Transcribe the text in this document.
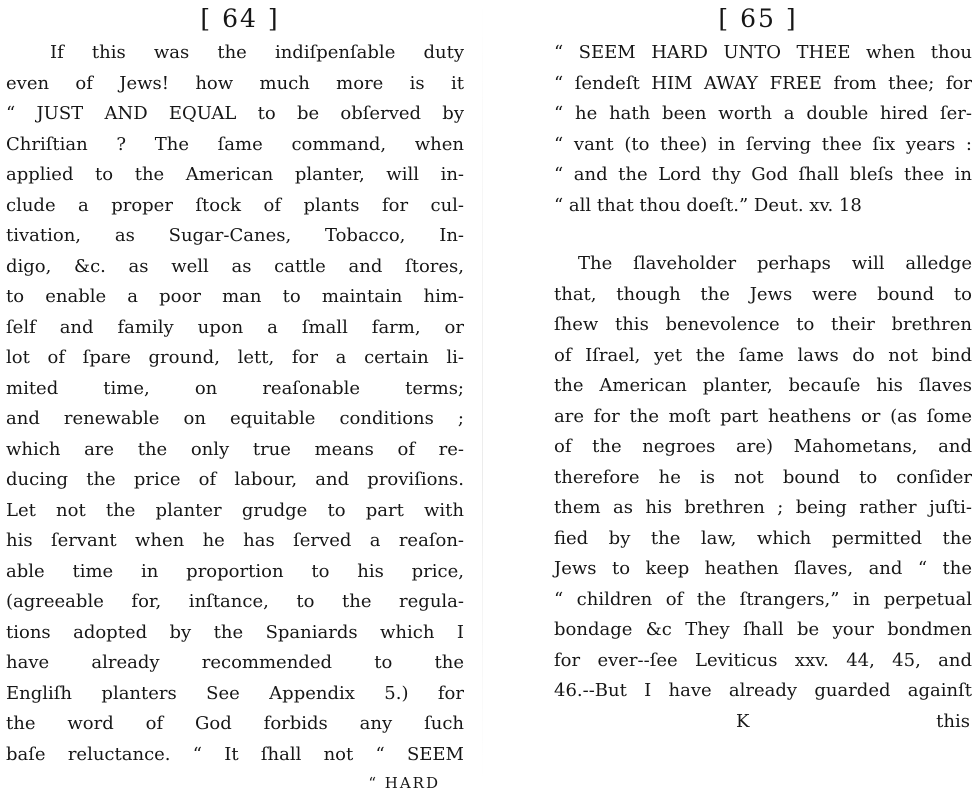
[ 64 ]
If this was the indiſpenſable duty
even of Jews! how much more is it
“ JUST AND EQUAL to be obſerved by
Chriſtian ? The ſame command, when
applied to the American planter, will in-
clude a proper ſtock of plants for cul-
tivation, as Sugar-Canes, Tobacco, In-
digo, &c. as well as cattle and ſtores,
to enable a poor man to maintain him-
ſelf and family upon a ſmall farm, or
lot of ſpare ground, lett, for a certain li-
mited time, on reaſonable terms;
and renewable on equitable conditions ;
which are the only true means of re-
ducing the price of labour, and proviſions.
Let not the planter grudge to part with
his ſervant when he has ſerved a reaſon-
able time in proportion to his price,
(agreeable for, inſtance, to the regula-
tions adopted by the Spaniards which I
have already recommended to the
Engliſh planters See Appendix 5.) for
the word of God forbids any ſuch
baſe reluctance. “ It ſhall not “ SEEM
“ HARD
[ 65 ]
“ SEEM HARD UNTO THEE when thou
“ ſendeſt HIM AWAY FREE from thee; for
“ he hath been worth a double hired ſer-
“ vant (to thee) in ſerving thee ſix years :
“ and the Lord thy God ſhall bleſs thee in
“ all that thou doeſt.” Deut. xv. 18
The ſlaveholder perhaps will alledge
that, though the Jews were bound to
ſhew this benevolence to their brethren
of Iſrael, yet the ſame laws do not bind
the American planter, becauſe his ſlaves
are for the moſt part heathens or (as ſome
of the negroes are) Mahometans, and
therefore he is not bound to conſider
them as his brethren ; being rather juſti-
fied by the law, which permitted the
Jews to keep heathen ſlaves, and “ the
“ children of the ſtrangers,” in perpetual
bondage &c They ſhall be your bondmen
for ever--ſee Leviticus xxv. 44, 45, and
46.--But I have already guarded againſt
K	this
